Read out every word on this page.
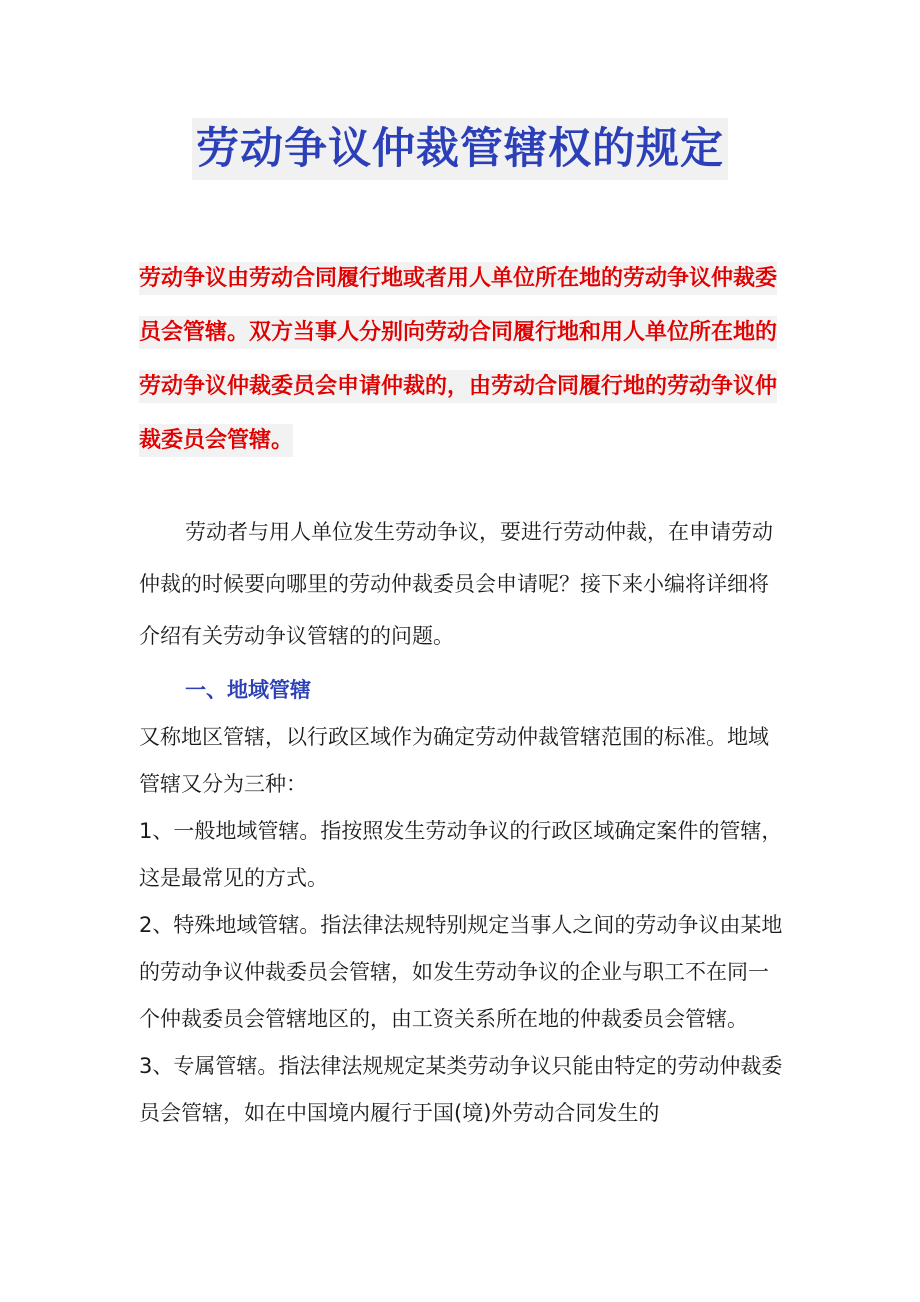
劳动争议仲裁管辖权的规定
劳动争议由劳动合同履行地或者用人单位所在地的劳动争议仲裁委员会管辖。双方当事人分别向劳动合同履行地和用人单位所在地的劳动争议仲裁委员会申请仲裁的，由劳动合同履行地的劳动争议仲裁委员会管辖。
劳动者与用人单位发生劳动争议，要进行劳动仲裁，在申请劳动仲裁的时候要向哪里的劳动仲裁委员会申请呢？接下来小编将详细将介绍有关劳动争议管辖的的问题。
一、地域管辖

又称地区管辖，以行政区域作为确定劳动仲裁管辖范围的标准。地域管辖又分为三种：

1、一般地域管辖。指按照发生劳动争议的行政区域确定案件的管辖，这是最常见的方式。

2、特殊地域管辖。指法律法规特别规定当事人之间的劳动争议由某地的劳动争议仲裁委员会管辖，如发生劳动争议的企业与职工不在同一个仲裁委员会管辖地区的，由工资关系所在地的仲裁委员会管辖。

3、专属管辖。指法律法规规定某类劳动争议只能由特定的劳动仲裁委员会管辖，如在中国境内履行于国(境)外劳动合同发生的
